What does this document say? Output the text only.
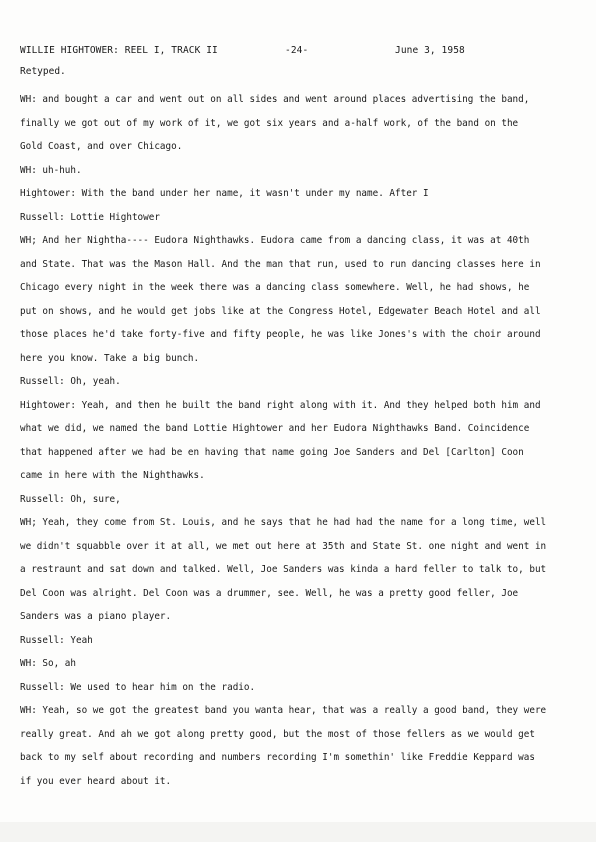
WILLIE HIGHTOWER: REEL I, TRACK II	-24-	June 3, 1958
Retyped.
WH: and bought a car and went out on all sides and went around places advertising the band,
finally we got out of my work of it, we got six years and a-half work, of the band on the
Gold Coast, and over Chicago.
WH: uh-huh.
Hightower: With the band under her name, it wasn't under my name. After I
Russell: Lottie Hightower
WH; And her Nightha---- Eudora Nighthawks. Eudora came from a dancing class, it was at 40th
and State. That was the Mason Hall. And the man that run, used to run dancing classes here in
Chicago every night in the week there was a dancing class somewhere. Well, he had shows, he
put on shows, and he would get jobs like at the Congress Hotel, Edgewater Beach Hotel and all
those places he'd take forty-five and fifty people, he was like Jones's with the choir around
here you know. Take a big bunch.
Russell: Oh, yeah.
Hightower: Yeah, and then he built the band right along with it. And they helped both him and
what we did, we named the band Lottie Hightower and her Eudora Nighthawks Band. Coincidence
that happened after we had be en having that name going Joe Sanders and Del [Carlton] Coon
came in here with the Nighthawks.
Russell: Oh, sure,
WH; Yeah, they come from St. Louis, and he says that he had had the name for a long time, well
we didn't squabble over it at all, we met out here at 35th and State St. one night and went in
a restraunt and sat down and talked. Well, Joe Sanders was kinda a hard feller to talk to, but
Del Coon was alright. Del Coon was a drummer, see. Well, he was a pretty good feller, Joe
Sanders was a piano player.
Russell: Yeah
WH: So, ah
Russell: We used to hear him on the radio.
WH: Yeah, so we got the greatest band you wanta hear, that was a really a good band, they were
really great. And ah we got along pretty good, but the most of those fellers as we would get
back to my self about recording and numbers recording I'm somethin' like Freddie Keppard was
if you ever heard about it.
